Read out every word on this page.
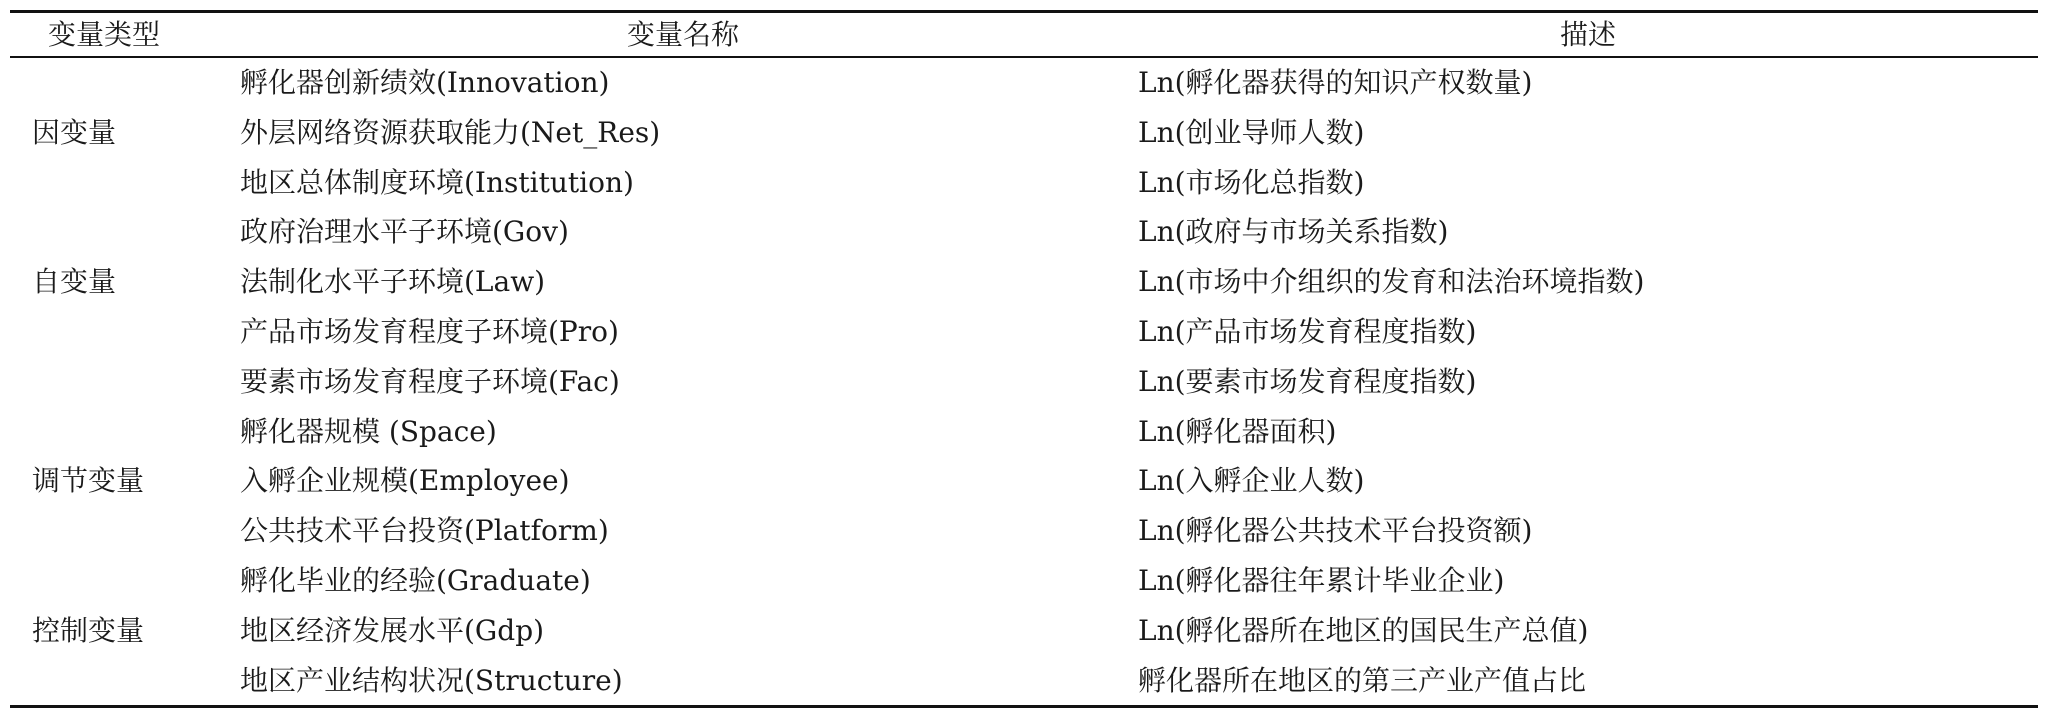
变量类型	变量名称	描述
	孵化器创新绩效(Innovation)	Ln(孵化器获得的知识产权数量)
因变量	外层网络资源获取能力(Net_Res)	Ln(创业导师人数)
	地区总体制度环境(Institution)	Ln(市场化总指数)
	政府治理水平子环境(Gov)	Ln(政府与市场关系指数)
自变量	法制化水平子环境(Law)	Ln(市场中介组织的发育和法治环境指数)
	产品市场发育程度子环境(Pro)	Ln(产品市场发育程度指数)
	要素市场发育程度子环境(Fac)	Ln(要素市场发育程度指数)
	孵化器规模 (Space)	Ln(孵化器面积)
调节变量	入孵企业规模(Employee)	Ln(入孵企业人数)
	公共技术平台投资(Platform)	Ln(孵化器公共技术平台投资额)
	孵化毕业的经验(Graduate)	Ln(孵化器往年累计毕业企业)
控制变量	地区经济发展水平(Gdp)	Ln(孵化器所在地区的国民生产总值)
	地区产业结构状况(Structure)	孵化器所在地区的第三产业产值占比
